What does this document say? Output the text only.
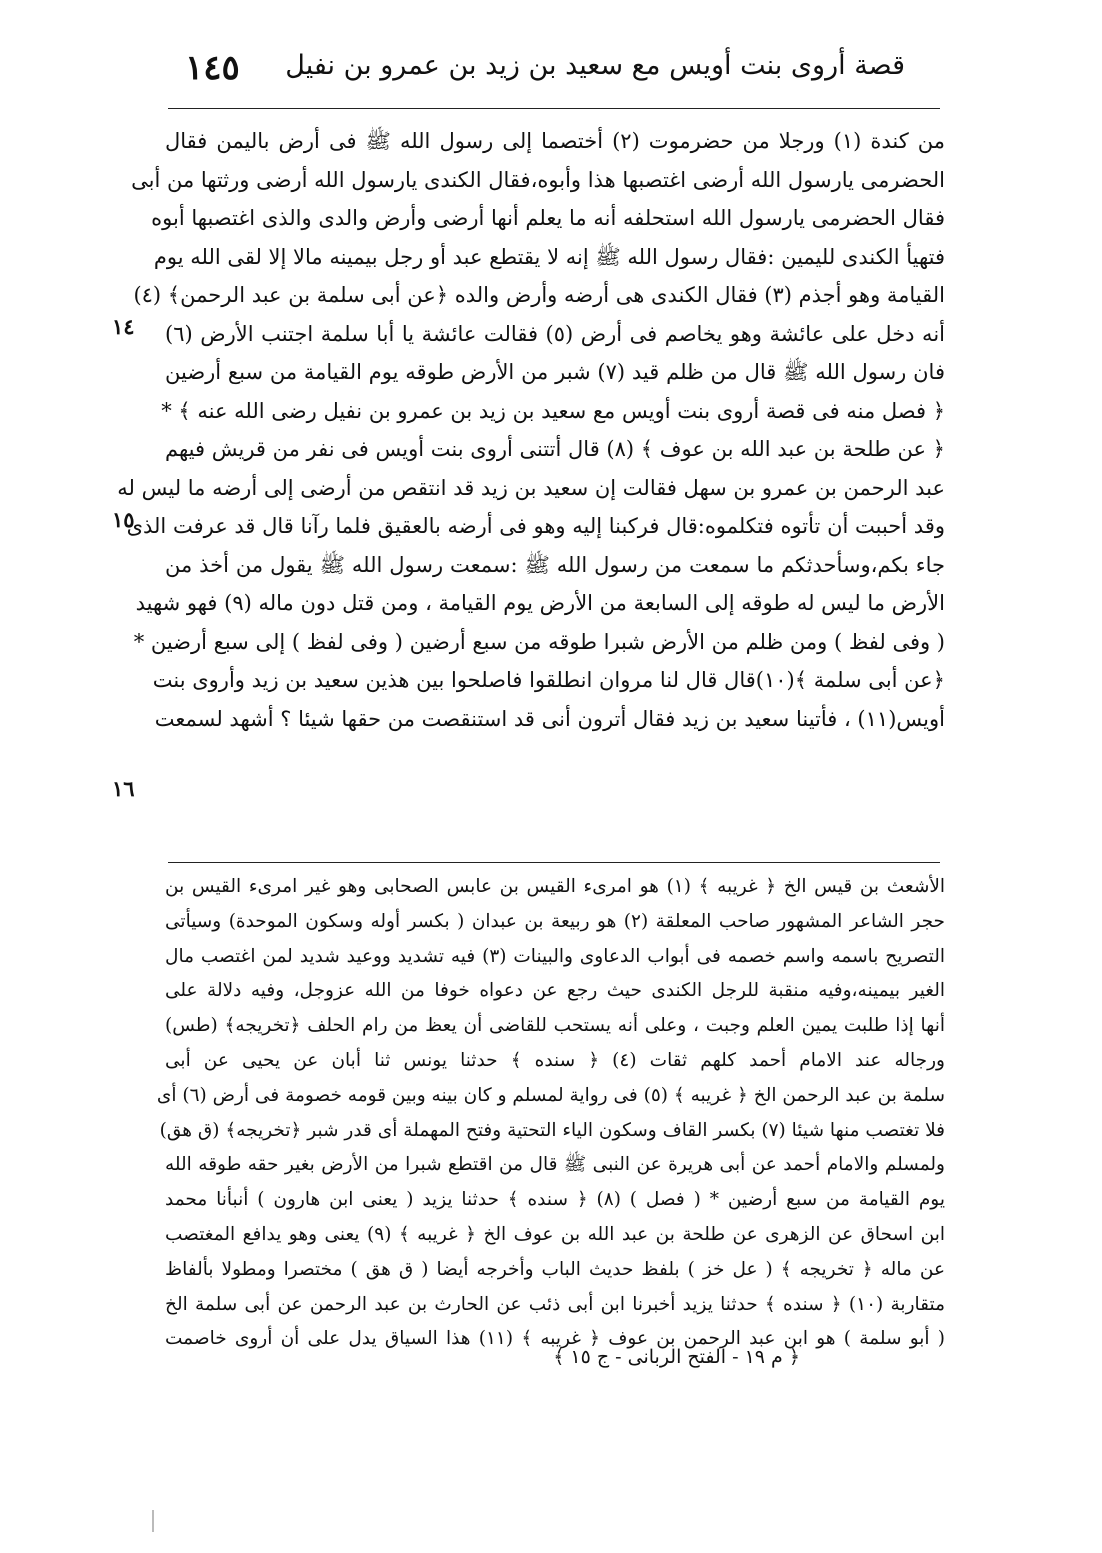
قصة أروى بنت أويس مع سعيد بن زيد بن عمرو بن نفيل
١٤٥
من كندة (١) ورجلا من حضرموت (٢) أختصما إلى رسول الله ﷺ فى أرض باليمن فقال
الحضرمى يارسول الله أرضى اغتصبها هذا وأبوه،فقال الكندى يارسول الله أرضى ورثتها من أبى
فقال الحضرمى يارسول الله استحلفه أنه ما يعلم أنها أرضى وأرض والدى والذى اغتصبها أبوه
فتهيأ الكندى لليمين :فقال رسول الله ﷺ إنه لا يقتطع عبد أو رجل بيمينه مالا إلا لقى الله يوم
القيامة وهو أجذم (٣) فقال الكندى هى أرضه وأرض والده ﴿عن أبى سلمة بن عبد الرحمن﴾ (٤)
أنه دخل على عائشة وهو يخاصم فى أرض (٥) فقالت عائشة يا أبا سلمة اجتنب الأرض (٦)
فان رسول الله ﷺ قال من ظلم قيد (٧) شبر من الأرض طوقه يوم القيامة من سبع أرضين
﴿ فصل منه فى قصة أروى بنت أويس مع سعيد بن زيد بن عمرو بن نفيل رضى الله عنه ﴾ *
﴿ عن طلحة بن عبد الله بن عوف ﴾ (٨) قال أتتنى أروى بنت أويس فى نفر من قريش فيهم
عبد الرحمن بن عمرو بن سهل فقالت إن سعيد بن زيد قد انتقص من أرضى إلى أرضه ما ليس له
وقد أحببت أن تأتوه فتكلموه:قال فركبنا إليه وهو فى أرضه بالعقيق فلما رآنا قال قد عرفت الذى
جاء بكم،وسأحدثكم ما سمعت من رسول الله ﷺ :سمعت رسول الله ﷺ يقول من أخذ من
الأرض ما ليس له طوقه إلى السابعة من الأرض يوم القيامة ، ومن قتل دون ماله (٩) فهو شهيد
( وفى لفظ ) ومن ظلم من الأرض شبرا طوقه من سبع أرضين ( وفى لفظ ) إلى سبع أرضين *
﴿عن أبى سلمة ﴾(١٠)قال قال لنا مروان انطلقوا فاصلحوا بين هذين سعيد بن زيد وأروى بنت
أويس(١١) ، فأتينا سعيد بن زيد فقال أترون أنى قد استنقصت من حقها شيئا ؟ أشهد لسمعت
١٤
١٥
١٦
الأشعث بن قيس الخ ﴿ غريبه ﴾ (١) هو امرىء القيس بن عابس الصحابى وهو غير امرىء القيس بن
حجر الشاعر المشهور صاحب المعلقة (٢) هو ربيعة بن عبدان ( بكسر أوله وسكون الموحدة) وسيأتى
التصريح باسمه واسم خصمه فى أبواب الدعاوى والبينات (٣) فيه تشديد ووعيد شديد لمن اغتصب مال
الغير بيمينه،وفيه منقبة للرجل الكندى حيث رجع عن دعواه خوفا من الله عزوجل، وفيه دلالة على
أنها إذا طلبت يمين العلم وجبت ، وعلى أنه يستحب للقاضى أن يعظ من رام الحلف ﴿تخريجه﴾ (طس)
ورجاله عند الامام أحمد كلهم ثقات (٤) ﴿ سنده ﴾ حدثنا يونس ثنا أبان عن يحيى عن أبى
سلمة بن عبد الرحمن الخ ﴿ غريبه ﴾ (٥) فى رواية لمسلم و كان بينه وبين قومه خصومة فى أرض (٦) أى
فلا تغتصب منها شيئا (٧) بكسر القاف وسكون الياء التحتية وفتح المهملة أى قدر شبر ﴿تخريجه﴾ (ق هق)
ولمسلم والامام أحمد عن أبى هريرة عن النبى ﷺ قال من اقتطع شبرا من الأرض بغير حقه طوقه الله
يوم القيامة من سبع أرضين * ( فصل ) (٨) ﴿ سنده ﴾ حدثنا يزيد ( يعنى ابن هارون ) أنبأنا محمد
ابن اسحاق عن الزهرى عن طلحة بن عبد الله بن عوف الخ ﴿ غريبه ﴾ (٩) يعنى وهو يدافع المغتصب
عن ماله ﴿ تخريجه ﴾ ( عل خز ) بلفظ حديث الباب وأخرجه أيضا ( ق هق ) مختصرا ومطولا بألفاظ
متقاربة (١٠) ﴿ سنده ﴾ حدثنا يزيد أخبرنا ابن أبى ذئب عن الحارث بن عبد الرحمن عن أبى سلمة الخ
( أبو سلمة ) هو ابن عبد الرحمن بن عوف ﴿ غريبه ﴾ (١١) هذا السياق يدل على أن أروى خاصمت
﴿ م ١٩ - الفتح الربانى - ج ١٥ ﴾
